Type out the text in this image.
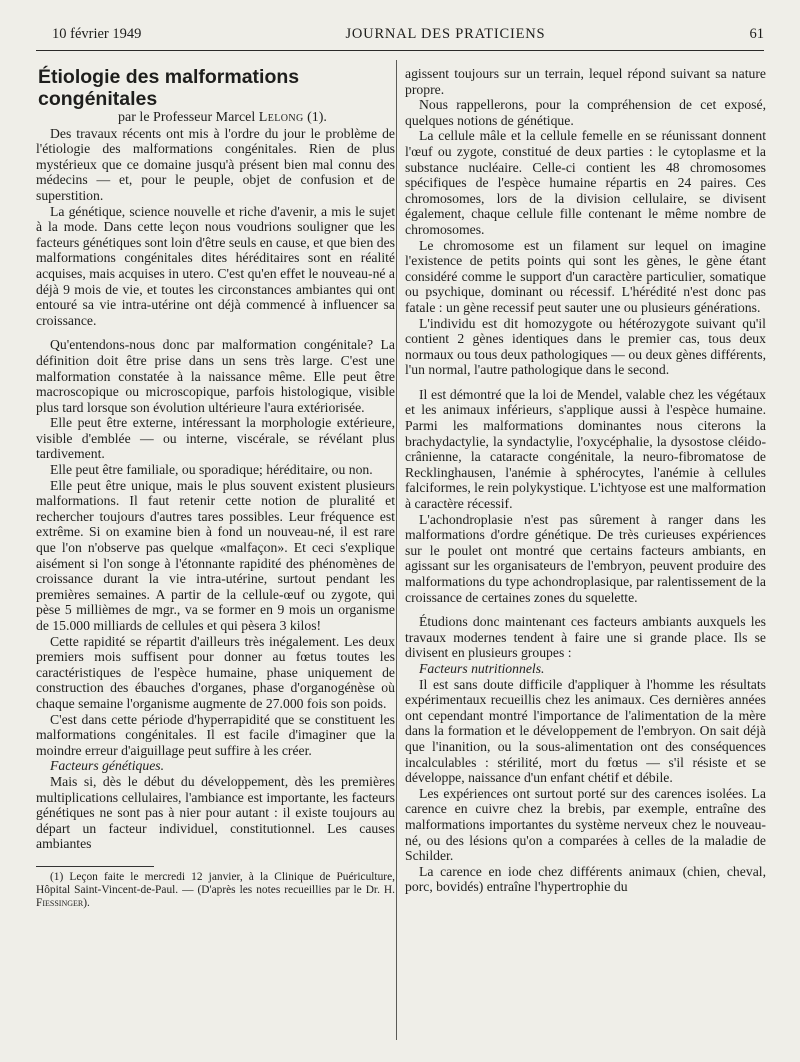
10 février 1949	JOURNAL DES PRATICIENS	61
Étiologie des malformations congénitales

par le Professeur Marcel Lelong (1).

Des travaux récents ont mis à l'ordre du jour le problème de l'étiologie des malformations congénitales. Rien de plus mystérieux que ce domaine jusqu'à présent bien mal connu des médecins — et, pour le peuple, objet de confusion et de superstition.

La génétique, science nouvelle et riche d'avenir, a mis le sujet à la mode. Dans cette leçon nous voudrions souligner que les facteurs génétiques sont loin d'être seuls en cause, et que bien des malformations congénitales dites héréditaires sont en réalité acquises, mais acquises in utero. C'est qu'en effet le nouveau-né a déjà 9 mois de vie, et toutes les circonstances ambiantes qui ont entouré sa vie intra-utérine ont déjà commencé à influencer sa croissance.

Qu'entendons-nous donc par malformation congénitale? La définition doit être prise dans un sens très large. C'est une malformation constatée à la naissance même. Elle peut être macroscopique ou microscopique, parfois histologique, visible plus tard lorsque son évolution ultérieure l'aura extériorisée.

Elle peut être externe, intéressant la morphologie extérieure, visible d'emblée — ou interne, viscérale, se révélant plus tardivement.

Elle peut être familiale, ou sporadique; héréditaire, ou non.

Elle peut être unique, mais le plus souvent existent plusieurs malformations. Il faut retenir cette notion de pluralité et rechercher toujours d'autres tares possibles. Leur fréquence est extrême. Si on examine bien à fond un nouveau-né, il est rare que l'on n'observe pas quelque «malfaçon». Et ceci s'explique aisément si l'on songe à l'étonnante rapidité des phénomènes de croissance durant la vie intra-utérine, surtout pendant les premières semaines. A partir de la cellule-œuf ou zygote, qui pèse 5 millièmes de mgr., va se former en 9 mois un organisme de 15.000 milliards de cellules et qui pèsera 3 kilos!

Cette rapidité se répartit d'ailleurs très inégalement. Les deux premiers mois suffisent pour donner au fœtus toutes les caractéristiques de l'espèce humaine, phase uniquement de construction des ébauches d'organes, phase d'organogénèse où chaque semaine l'organisme augmente de 27.000 fois son poids.

C'est dans cette période d'hyperrapidité que se constituent les malformations congénitales. Il est facile d'imaginer que la moindre erreur d'aiguillage peut suffire à les créer.

Facteurs génétiques.

Mais si, dès le début du développement, dès les premières multiplications cellulaires, l'ambiance est importante, les facteurs génétiques ne sont pas à nier pour autant : il existe toujours au départ un facteur individuel, constitutionnel. Les causes ambiantes

(1) Leçon faite le mercredi 12 janvier, à la Clinique de Puériculture, Hôpital Saint-Vincent-de-Paul. — (D'après les notes recueillies par le Dr. H. Fiessinger).

agissent toujours sur un terrain, lequel répond suivant sa nature propre.

Nous rappellerons, pour la compréhension de cet exposé, quelques notions de génétique.

La cellule mâle et la cellule femelle en se réunissant donnent l'œuf ou zygote, constitué de deux parties : le cytoplasme et la substance nucléaire. Celle-ci contient les 48 chromosomes spécifiques de l'espèce humaine répartis en 24 paires. Ces chromosomes, lors de la division cellulaire, se divisent également, chaque cellule fille contenant le même nombre de chromosomes.

Le chromosome est un filament sur lequel on imagine l'existence de petits points qui sont les gènes, le gène étant considéré comme le support d'un caractère particulier, somatique ou psychique, dominant ou récessif. L'hérédité n'est donc pas fatale : un gène recessif peut sauter une ou plusieurs générations.

L'individu est dit homozygote ou hétérozygote suivant qu'il contient 2 gènes identiques dans le premier cas, tous deux normaux ou tous deux pathologiques — ou deux gènes différents, l'un normal, l'autre pathologique dans le second.

Il est démontré que la loi de Mendel, valable chez les végétaux et les animaux inférieurs, s'applique aussi à l'espèce humaine. Parmi les malformations dominantes nous citerons la brachydactylie, la syndactylie, l'oxycéphalie, la dysostose cléido-crânienne, la cataracte congénitale, la neuro-fibromatose de Recklinghausen, l'anémie à sphérocytes, l'anémie à cellules falciformes, le rein polykystique. L'ichtyose est une malformation à caractère récessif.

L'achondroplasie n'est pas sûrement à ranger dans les malformations d'ordre génétique. De très curieuses expériences sur le poulet ont montré que certains facteurs ambiants, en agissant sur les organisateurs de l'embryon, peuvent produire des malformations du type achondroplasique, par ralentissement de la croissance de certaines zones du squelette.

Étudions donc maintenant ces facteurs ambiants auxquels les travaux modernes tendent à faire une si grande place. Ils se divisent en plusieurs groupes :

Facteurs nutritionnels.

Il est sans doute difficile d'appliquer à l'homme les résultats expérimentaux recueillis chez les animaux. Ces dernières années ont cependant montré l'importance de l'alimentation de la mère dans la formation et le développement de l'embryon. On sait déjà que l'inanition, ou la sous-alimentation ont des conséquences incalculables : stérilité, mort du fœtus — s'il résiste et se développe, naissance d'un enfant chétif et débile.

Les expériences ont surtout porté sur des carences isolées. La carence en cuivre chez la brebis, par exemple, entraîne des malformations importantes du système nerveux chez le nouveau-né, ou des lésions qu'on a comparées à celles de la maladie de Schilder.

La carence en iode chez différents animaux (chien, cheval, porc, bovidés) entraîne l'hypertrophie du
